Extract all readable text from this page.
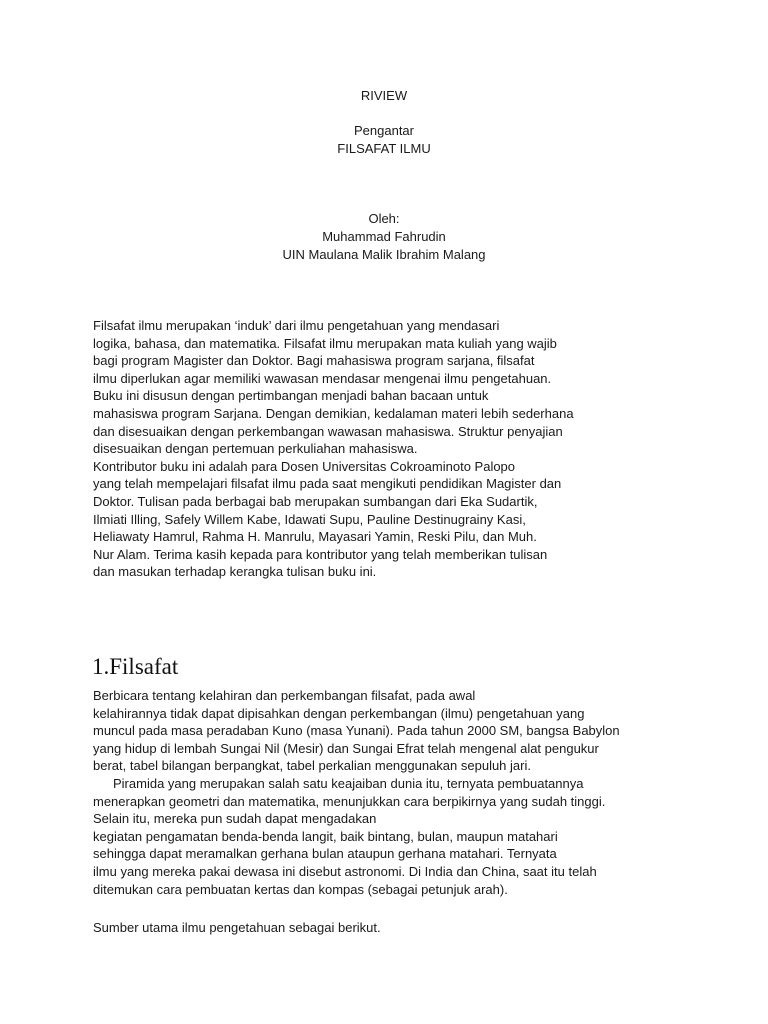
RIVIEW
Pengantar
FILSAFAT ILMU
Oleh:
Muhammad Fahrudin
UIN Maulana Malik Ibrahim Malang
Filsafat ilmu merupakan ‘induk’ dari ilmu pengetahuan yang mendasari
logika, bahasa, dan matematika. Filsafat ilmu merupakan mata kuliah yang wajib
bagi program Magister dan Doktor. Bagi mahasiswa program sarjana, filsafat
ilmu diperlukan agar memiliki wawasan mendasar mengenai ilmu pengetahuan.
Buku ini disusun dengan pertimbangan menjadi bahan bacaan untuk
mahasiswa program Sarjana. Dengan demikian, kedalaman materi lebih sederhana
dan disesuaikan dengan perkembangan wawasan mahasiswa. Struktur penyajian
disesuaikan dengan pertemuan perkuliahan mahasiswa.
Kontributor buku ini adalah para Dosen Universitas Cokroaminoto Palopo
yang telah mempelajari filsafat ilmu pada saat mengikuti pendidikan Magister dan
Doktor. Tulisan pada berbagai bab merupakan sumbangan dari Eka Sudartik,
Ilmiati Illing, Safely Willem Kabe, Idawati Supu, Pauline Destinugrainy Kasi,
Heliawaty Hamrul, Rahma H. Manrulu, Mayasari Yamin, Reski Pilu, dan Muh.
Nur Alam. Terima kasih kepada para kontributor yang telah memberikan tulisan
dan masukan terhadap kerangka tulisan buku ini.
1.Filsafat
Berbicara tentang kelahiran dan perkembangan filsafat, pada awal
kelahirannya tidak dapat dipisahkan dengan perkembangan (ilmu) pengetahuan yang
muncul pada masa peradaban Kuno (masa Yunani). Pada tahun 2000 SM, bangsa Babylon
yang hidup di lembah Sungai Nil (Mesir) dan Sungai Efrat telah mengenal alat pengukur
berat, tabel bilangan berpangkat, tabel perkalian menggunakan sepuluh jari.
Piramida yang merupakan salah satu keajaiban dunia itu, ternyata pembuatannya
menerapkan geometri dan matematika, menunjukkan cara berpikirnya yang sudah tinggi.
Selain itu, mereka pun sudah dapat mengadakan
kegiatan pengamatan benda-benda langit, baik bintang, bulan, maupun matahari
sehingga dapat meramalkan gerhana bulan ataupun gerhana matahari. Ternyata
ilmu yang mereka pakai dewasa ini disebut astronomi. Di India dan China, saat itu telah
ditemukan cara pembuatan kertas dan kompas (sebagai petunjuk arah).
Sumber utama ilmu pengetahuan sebagai berikut.
